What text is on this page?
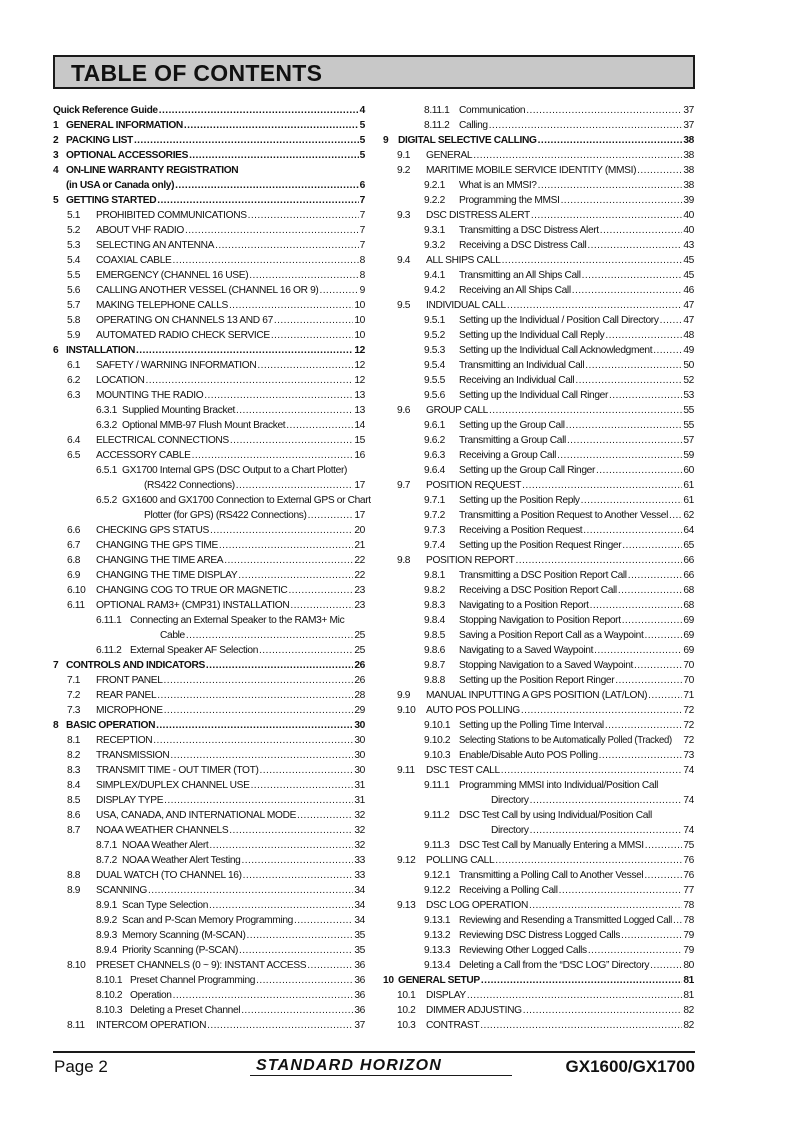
TABLE OF CONTENTS
Quick Reference Guide .....	4
1 GENERAL INFORMATION .....	5
2 PACKING LIST .....	5
3 OPTIONAL ACCESSORIES .....	5
4 ON-LINE WARRANTY REGISTRATION
(in USA or Canada only) .....	6
5 GETTING STARTED .....	7
5.1 PROHIBITED COMMUNICATIONS .....	7
5.2 ABOUT VHF RADIO .....	7
5.3 SELECTING AN ANTENNA .....	7
5.4 COAXIAL CABLE .....	8
5.5 EMERGENCY (CHANNEL 16 USE) .....	8
5.6 CALLING ANOTHER VESSEL (CHANNEL 16 OR 9) .....	9
5.7 MAKING TELEPHONE CALLS .....	10
5.8 OPERATING ON CHANNELS 13 AND 67 .....	10
5.9 AUTOMATED RADIO CHECK SERVICE .....	10
6 INSTALLATION .....	12
6.1 SAFETY / WARNING INFORMATION .....	12
6.2 LOCATION .....	12
6.3 MOUNTING THE RADIO .....	13
6.3.1 Supplied Mounting Bracket .....	13
6.3.2 Optional MMB-97 Flush Mount Bracket .....	14
6.4 ELECTRICAL CONNECTIONS .....	15
6.5 ACCESSORY CABLE .....	16
6.5.1 GX1700 Internal GPS (DSC Output to a Chart Plotter)
(RS422 Connections) .....	17
6.5.2 GX1600 and GX1700 Connection to External GPS or Chart
Plotter (for GPS) (RS422 Connections) .....	17
6.6 CHECKING GPS STATUS .....	20
6.7 CHANGING THE GPS TIME .....	21
6.8 CHANGING THE TIME AREA .....	22
6.9 CHANGING THE TIME DISPLAY .....	22
6.10 CHANGING COG TO TRUE OR MAGNETIC .....	23
6.11 OPTIONAL RAM3+ (CMP31) INSTALLATION .....	23
6.11.1 Connecting an External Speaker to the RAM3+ Mic
Cable .....	25
6.11.2 External Speaker AF Selection .....	25
7 CONTROLS AND INDICATORS .....	26
7.1 FRONT PANEL .....	26
7.2 REAR PANEL .....	28
7.3 MICROPHONE .....	29
8 BASIC OPERATION .....	30
8.1 RECEPTION .....	30
8.2 TRANSMISSION .....	30
8.3 TRANSMIT TIME - OUT TIMER (TOT) .....	30
8.4 SIMPLEX/DUPLEX CHANNEL USE .....	31
8.5 DISPLAY TYPE .....	31
8.6 USA, CANADA, AND INTERNATIONAL MODE .....	32
8.7 NOAA WEATHER CHANNELS .....	32
8.7.1 NOAA Weather Alert .....	32
8.7.2 NOAA Weather Alert Testing .....	33
8.8 DUAL WATCH (TO CHANNEL 16) .....	33
8.9 SCANNING .....	34
8.9.1 Scan Type Selection .....	34
8.9.2 Scan and P-Scan Memory Programming .....	34
8.9.3 Memory Scanning (M-SCAN) .....	35
8.9.4 Priority Scanning (P-SCAN) .....	35
8.10 PRESET CHANNELS (0 ~ 9): INSTANT ACCESS .....	36
8.10.1 Preset Channel Programming .....	36
8.10.2 Operation .....	36
8.10.3 Deleting a Preset Channel .....	36
8.11 INTERCOM OPERATION .....	37
8.11.1 Communication .....	37
8.11.2 Calling .....	37
9 DIGITAL SELECTIVE CALLING .....	38
9.1 GENERAL .....	38
9.2 MARITIME MOBILE SERVICE IDENTITY (MMSI) .....	38
9.2.1 What is an MMSI? .....	38
9.2.2 Programming the MMSI .....	39
9.3 DSC DISTRESS ALERT .....	40
9.3.1 Transmitting a DSC Distress Alert .....	40
9.3.2 Receiving a DSC Distress Call .....	43
9.4 ALL SHIPS CALL .....	45
9.4.1 Transmitting an All Ships Call .....	45
9.4.2 Receiving an All Ships Call .....	46
9.5 INDIVIDUAL CALL .....	47
9.5.1 Setting up the Individual / Position Call Directory ..... 47
9.5.2 Setting up the Individual Call Reply .....	48
9.5.3 Setting up the Individual Call Acknowledgment .....	49
9.5.4 Transmitting an Individual Call .....	50
9.5.5 Receiving an Individual Call .....	52
9.5.6 Setting up the Individual Call Ringer .....	53
9.6 GROUP CALL .....	55
9.6.1 Setting up the Group Call .....	55
9.6.2 Transmitting a Group Call .....	57
9.6.3 Receiving a Group Call .....	59
9.6.4 Setting up the Group Call Ringer .....	60
9.7 POSITION REQUEST .....	61
9.7.1 Setting up the Position Reply .....	61
9.7.2 Transmitting a Position Request to Another Vessel ..... 62
9.7.3 Receiving a Position Request .....	64
9.7.4 Setting up the Position Request Ringer .....	65
9.8 POSITION REPORT .....	66
9.8.1 Transmitting a DSC Position Report Call .....	66
9.8.2 Receiving a DSC Position Report Call .....	68
9.8.3 Navigating to a Position Report .....	68
9.8.4 Stopping Navigation to Position Report .....	69
9.8.5 Saving a Position Report Call as a Waypoint .....	69
9.8.6 Navigating to a Saved Waypoint .....	69
9.8.7 Stopping Navigation to a Saved Waypoint .....	70
9.8.8 Setting up the Position Report Ringer .....	70
9.9 MANUAL INPUTTING A GPS POSITION (LAT/LON) .....	71
9.10 AUTO POS POLLING .....	72
9.10.1 Setting up the Polling Time Interval .....	72
9.10.2 Selecting Stations to be Automatically Polled (Tracked) 72
9.10.3 Enable/Disable Auto POS Polling .....	73
9.11 DSC TEST CALL .....	74
9.11.1 Programming MMSI into Individual/Position Call
Directory .....	74
9.11.2 DSC Test Call by using Individual/Position Call
Directory .....	74
9.11.3 DSC Test Call by Manually Entering a MMSI .....	75
9.12 POLLING CALL .....	76
9.12.1 Transmitting a Polling Call to Another Vessel .....	76
9.12.2 Receiving a Polling Call .....	77
9.13 DSC LOG OPERATION .....	78
9.13.1 Reviewing and Resending a Transmitted Logged Call ..... 78
9.13.2 Reviewing DSC Distress Logged Calls .....	79
9.13.3 Reviewing Other Logged Calls .....	79
9.13.4 Deleting a Call from the “DSC LOG” Directory .....	80
10 GENERAL SETUP .....	81
10.1 DISPLAY .....	81
10.2 DIMMER ADJUSTING .....	82
10.3 CONTRAST .....	82
Page 2	STANDARD HORIZON	GX1600/GX1700
